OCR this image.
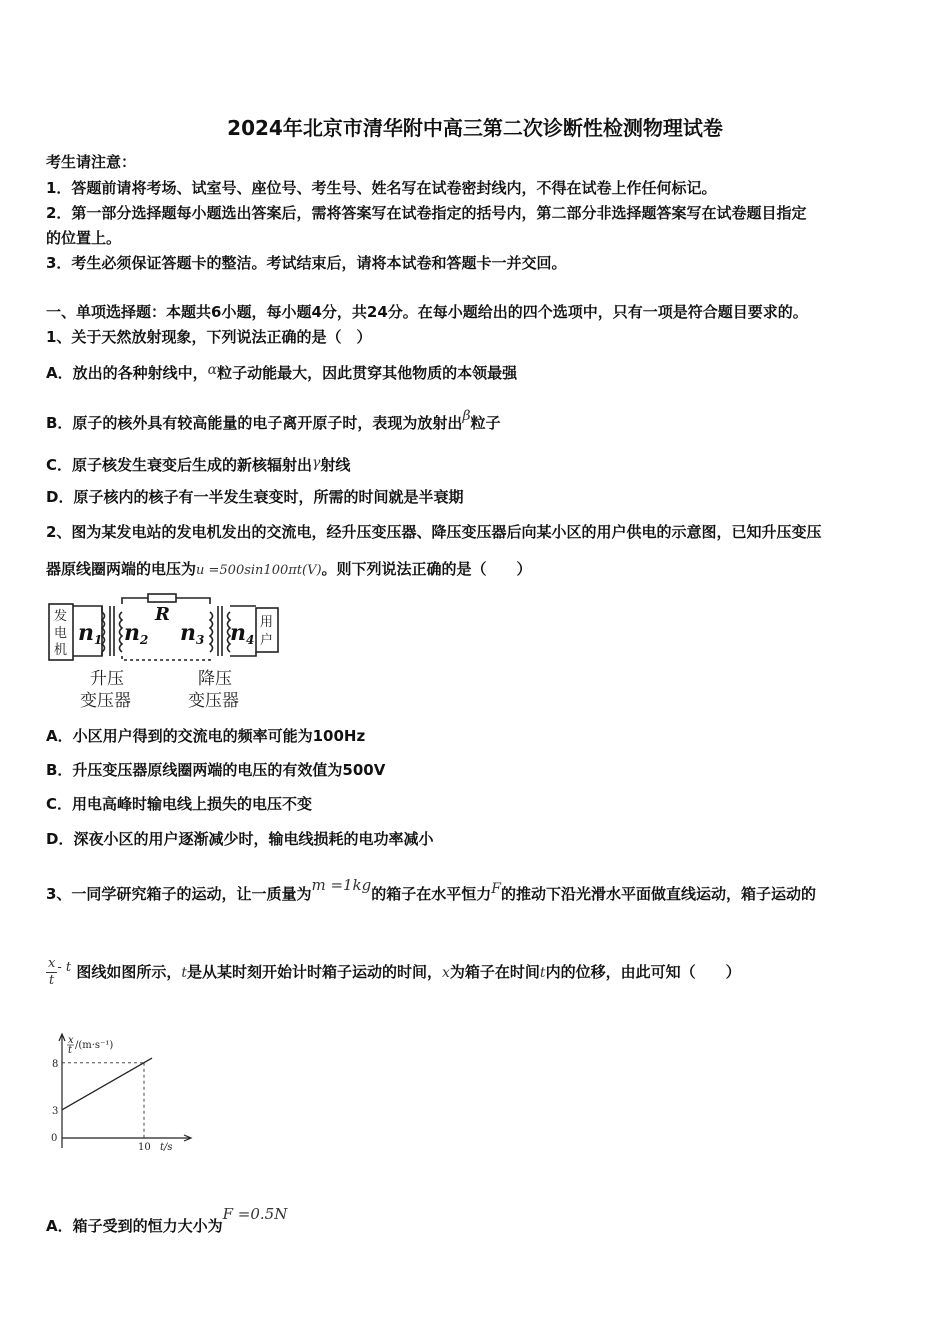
2024年北京市清华附中高三第二次诊断性检测物理试卷
考生请注意：
1．答题前请将考场、试室号、座位号、考生号、姓名写在试卷密封线内，不得在试卷上作任何标记。
2．第一部分选择题每小题选出答案后，需将答案写在试卷指定的括号内，第二部分非选择题答案写在试卷题目指定
的位置上。
3．考生必须保证答题卡的整洁。考试结束后，请将本试卷和答题卡一并交回。
一、单项选择题：本题共6小题，每小题4分，共24分。在每小题给出的四个选项中，只有一项是符合题目要求的。
1、关于天然放射现象，下列说法正确的是（　）
A．放出的各种射线中，α粒子动能最大，因此贯穿其他物质的本领最强
B．原子的核外具有较高能量的电子离开原子时，表现为放射出β粒子
C．原子核发生衰变后生成的新核辐射出γ射线
D．原子核内的核子有一半发生衰变时，所需的时间就是半衰期
2、图为某发电站的发电机发出的交流电，经升压变压器、降压变压器后向某小区的用户供电的示意图，已知升压变压
器原线圈两端的电压为u =500sin100πt(V)。则下列说法正确的是（　　）
发
电
机
用
户
n1 n2 n3 n4
R
升压
变压器
降压
变压器
A．小区用户得到的交流电的频率可能为100Hz
B．升压变压器原线圈两端的电压的有效值为500V
C．用电高峰时输电线上损失的电压不变
D．深夜小区的用户逐渐减少时，输电线损耗的电功率减小
3、一同学研究箱子的运动，让一质量为m =1kg的箱子在水平恒力F的推动下沿光滑水平面做直线运动，箱子运动的
$\frac{x}{t}$ - t 图线如图所示，t是从某时刻开始计时箱子运动的时间，x为箱子在时间t内的位移，由此可知（　　）
x
t /(m·s⁻¹)
8
3
0
10 t/s
A．箱子受到的恒力大小为F =0.5N
